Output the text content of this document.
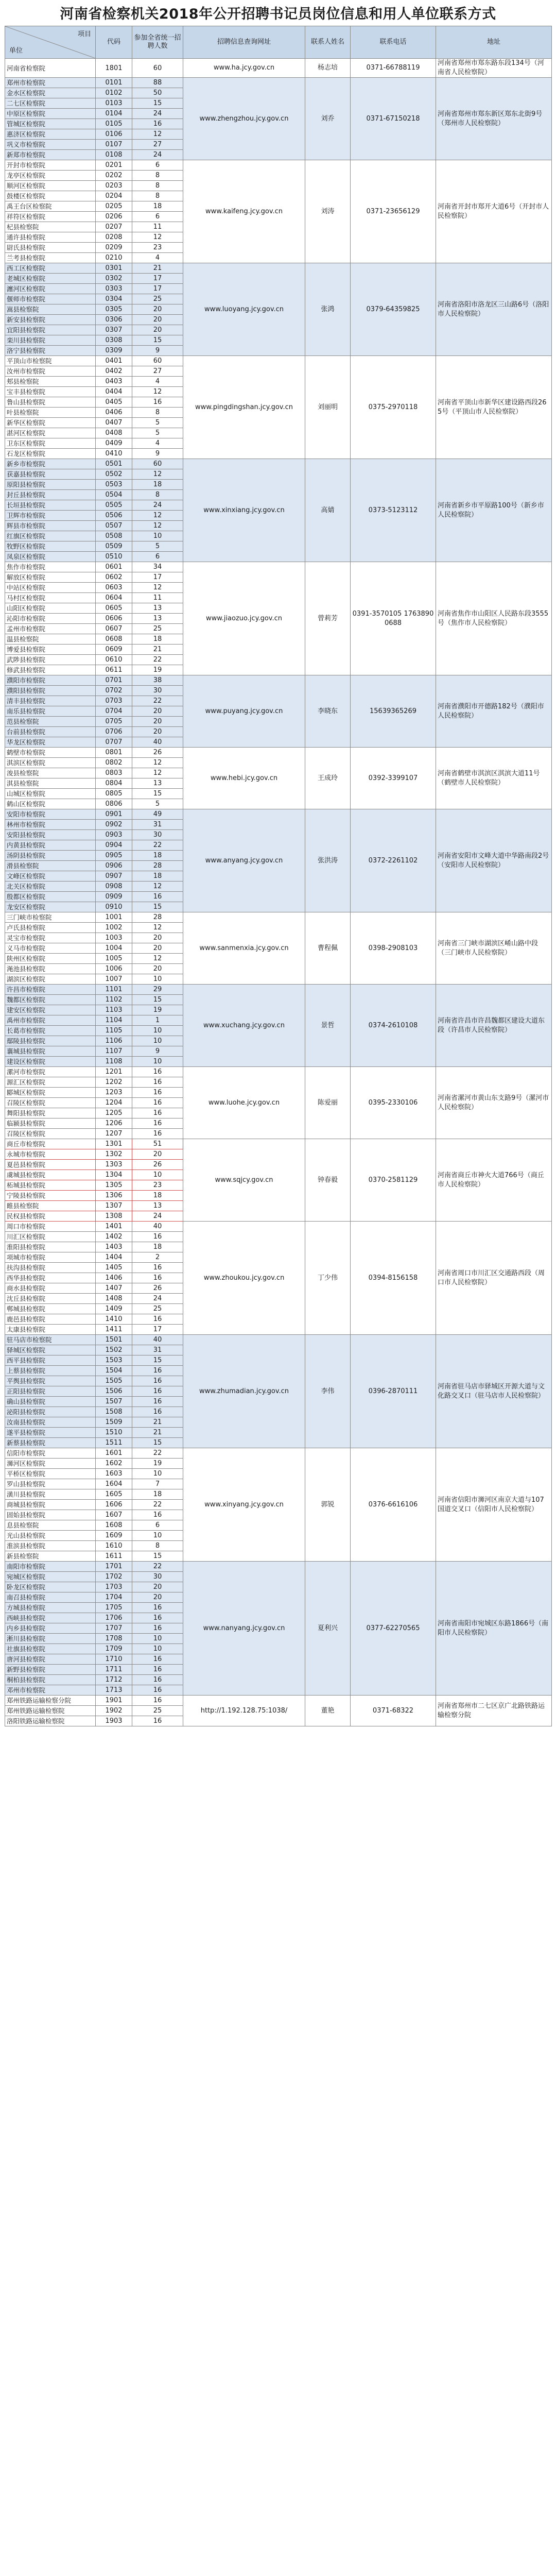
河南省检察机关2018年公开招聘书记员岗位信息和用人单位联系方式
单位
项目	代码	参加全省统一招聘人数	招聘信息查询网址	联系人姓名	联系电话	地址
河南省检察院	1801	60	www.ha.jcy.gov.cn	杨志培	0371-66788119	河南省郑州市郑东路东段134号（河南省人民检察院）
郑州市检察院	0101	88	www.zhengzhou.jcy.gov.cn	刘乔	0371-67150218	河南省郑州市郑东新区郑东北街9号（郑州市人民检察院）
金水区检察院	0102	50				
二七区检察院	0103	15				
中原区检察院	0104	24				
管城区检察院	0105	16				
惠济区检察院	0106	12				
巩义市检察院	0107	27				
新郑市检察院	0108	24				
开封市检察院	0201	6	www.kaifeng.jcy.gov.cn	刘涛	0371-23656129	河南省开封市郑开大道6号（开封市人民检察院）
龙亭区检察院	0202	8				
顺河区检察院	0203	8				
鼓楼区检察院	0204	8				
禹王台区检察院	0205	18				
祥符区检察院	0206	6				
杞县检察院	0207	11				
通许县检察院	0208	12				
尉氏县检察院	0209	23				
兰考县检察院	0210	4				
西工区检察院	0301	21	www.luoyang.jcy.gov.cn	张鸿	0379-64359825	河南省洛阳市洛龙区三山路6号（洛阳市人民检察院）
老城区检察院	0302	17				
瀍河区检察院	0303	17				
偃师市检察院	0304	25				
嵩县检察院	0305	20				
新安县检察院	0306	20				
宜阳县检察院	0307	20				
栾川县检察院	0308	15				
洛宁县检察院	0309	9				
平顶山市检察院	0401	60	www.pingdingshan.jcy.gov.cn	刘丽明	0375-2970118	河南省平顶山市新华区建设路西段265号（平顶山市人民检察院）
汝州市检察院	0402	27				
郏县检察院	0403	4				
宝丰县检察院	0404	12				
鲁山县检察院	0405	16				
叶县检察院	0406	8				
新华区检察院	0407	5				
湛河区检察院	0408	5				
卫东区检察院	0409	4				
石龙区检察院	0410	9				
新乡市检察院	0501	60	www.xinxiang.jcy.gov.cn	高婧	0373-5123112	河南省新乡市平原路100号（新乡市人民检察院）
获嘉县检察院	0502	12				
原阳县检察院	0503	18				
封丘县检察院	0504	8				
长垣县检察院	0505	24				
卫辉市检察院	0506	12				
辉县市检察院	0507	12				
红旗区检察院	0508	10				
牧野区检察院	0509	5				
凤泉区检察院	0510	6				
焦作市检察院	0601	34	www.jiaozuo.jcy.gov.cn	曾莉芳	0391-3570105 17638900688	河南省焦作市山阳区人民路东段3555号（焦作市人民检察院）
解放区检察院	0602	17				
中站区检察院	0603	12				
马村区检察院	0604	11				
山阳区检察院	0605	13				
沁阳市检察院	0606	13				
孟州市检察院	0607	25				
温县检察院	0608	18				
博爱县检察院	0609	21				
武陟县检察院	0610	22				
修武县检察院	0611	19				
濮阳市检察院	0701	38	www.puyang.jcy.gov.cn	李晓东	15639365269	河南省濮阳市开德路182号（濮阳市人民检察院）
濮阳县检察院	0702	30				
清丰县检察院	0703	22				
南乐县检察院	0704	20				
范县检察院	0705	20				
台前县检察院	0706	20				
华龙区检察院	0707	40				
鹤壁市检察院	0801	26	www.hebi.jcy.gov.cn	王成玲	0392-3399107	河南省鹤壁市淇滨区淇滨大道11号（鹤壁市人民检察院）
淇滨区检察院	0802	12				
浚县检察院	0803	12				
淇县检察院	0804	13				
山城区检察院	0805	15				
鹤山区检察院	0806	5				
安阳市检察院	0901	49	www.anyang.jcy.gov.cn	张洪涛	0372-2261102	河南省安阳市文峰大道中华路南段2号（安阳市人民检察院）
林州市检察院	0902	31				
安阳县检察院	0903	30				
内黄县检察院	0904	22				
汤阴县检察院	0905	18				
滑县检察院	0906	28				
文峰区检察院	0907	18				
北关区检察院	0908	12				
殷都区检察院	0909	16				
龙安区检察院	0910	15				
三门峡市检察院	1001	28	www.sanmenxia.jcy.gov.cn	曹程佩	0398-2908103	河南省三门峡市湖滨区崤山路中段（三门峡市人民检察院）
卢氏县检察院	1002	12				
灵宝市检察院	1003	20				
义马市检察院	1004	20				
陕州区检察院	1005	12				
渑池县检察院	1006	20				
湖滨区检察院	1007	10				
许昌市检察院	1101	29	www.xuchang.jcy.gov.cn	景哲	0374-2610108	河南省许昌市许昌魏都区建设大道东段（许昌市人民检察院）
魏都区检察院	1102	15				
建安区检察院	1103	19				
禹州市检察院	1104	1				
长葛市检察院	1105	10				
鄢陵县检察院	1106	10				
襄城县检察院	1107	9				
建设区检察院	1108	10				
漯河市检察院	1201	16	www.luohe.jcy.gov.cn	陈爱丽	0395-2330106	河南省漯河市黄山东支路9号（漯河市人民检察院）
源汇区检察院	1202	16				
郾城区检察院	1203	16				
召陵区检察院	1204	16				
舞阳县检察院	1205	16				
临颍县检察院	1206	16				
召陵区检察院	1207	16				
商丘市检察院	1301	51	www.sqjcy.gov.cn	钟春毅	0370-2581129	河南省商丘市神火大道766号（商丘市人民检察院）
永城市检察院	1302	20				
夏邑县检察院	1303	26				
虞城县检察院	1304	10				
柘城县检察院	1305	23				
宁陵县检察院	1306	18				
睢县检察院	1307	13				
民权县检察院	1308	24				
周口市检察院	1401	40	www.zhoukou.jcy.gov.cn	丁少伟	0394-8156158	河南省周口市川汇区交通路西段（周口市人民检察院）
川汇区检察院	1402	16				
淮阳县检察院	1403	18				
项城市检察院	1404	2				
扶沟县检察院	1405	16				
西华县检察院	1406	16				
商水县检察院	1407	26				
沈丘县检察院	1408	24				
郸城县检察院	1409	25				
鹿邑县检察院	1410	16				
太康县检察院	1411	17				
驻马店市检察院	1501	40	www.zhumadian.jcy.gov.cn	李伟	0396-2870111	河南省驻马店市驿城区开源大道与文化路交叉口（驻马店市人民检察院）
驿城区检察院	1502	31				
西平县检察院	1503	15				
上蔡县检察院	1504	16				
平舆县检察院	1505	16				
正阳县检察院	1506	16				
确山县检察院	1507	16				
泌阳县检察院	1508	16				
汝南县检察院	1509	21				
遂平县检察院	1510	21				
新蔡县检察院	1511	15				
信阳市检察院	1601	22	www.xinyang.jcy.gov.cn	郭锐	0376-6616106	河南省信阳市浉河区南京大道与107国道交叉口（信阳市人民检察院）
浉河区检察院	1602	19				
平桥区检察院	1603	10				
罗山县检察院	1604	7				
潢川县检察院	1605	18				
商城县检察院	1606	22				
固始县检察院	1607	16				
息县检察院	1608	6				
光山县检察院	1609	10				
淮滨县检察院	1610	8				
新县检察院	1611	15				
南阳市检察院	1701	22	www.nanyang.jcy.gov.cn	夏利兴	0377-62270565	河南省南阳市宛城区东路1866号（南阳市人民检察院）
宛城区检察院	1702	30				
卧龙区检察院	1703	20				
南召县检察院	1704	20				
方城县检察院	1705	16				
西峡县检察院	1706	16				
内乡县检察院	1707	16				
淅川县检察院	1708	10				
社旗县检察院	1709	10				
唐河县检察院	1710	16				
新野县检察院	1711	16				
桐柏县检察院	1712	16				
邓州市检察院	1713	16				
郑州铁路运输检察分院	1901	16	http://1.192.128.75:1038/	董艳	0371-68322	河南省郑州市二七区京广北路铁路运输检察分院
郑州铁路运输检察院	1902	25				
洛阳铁路运输检察院	1903	16				
